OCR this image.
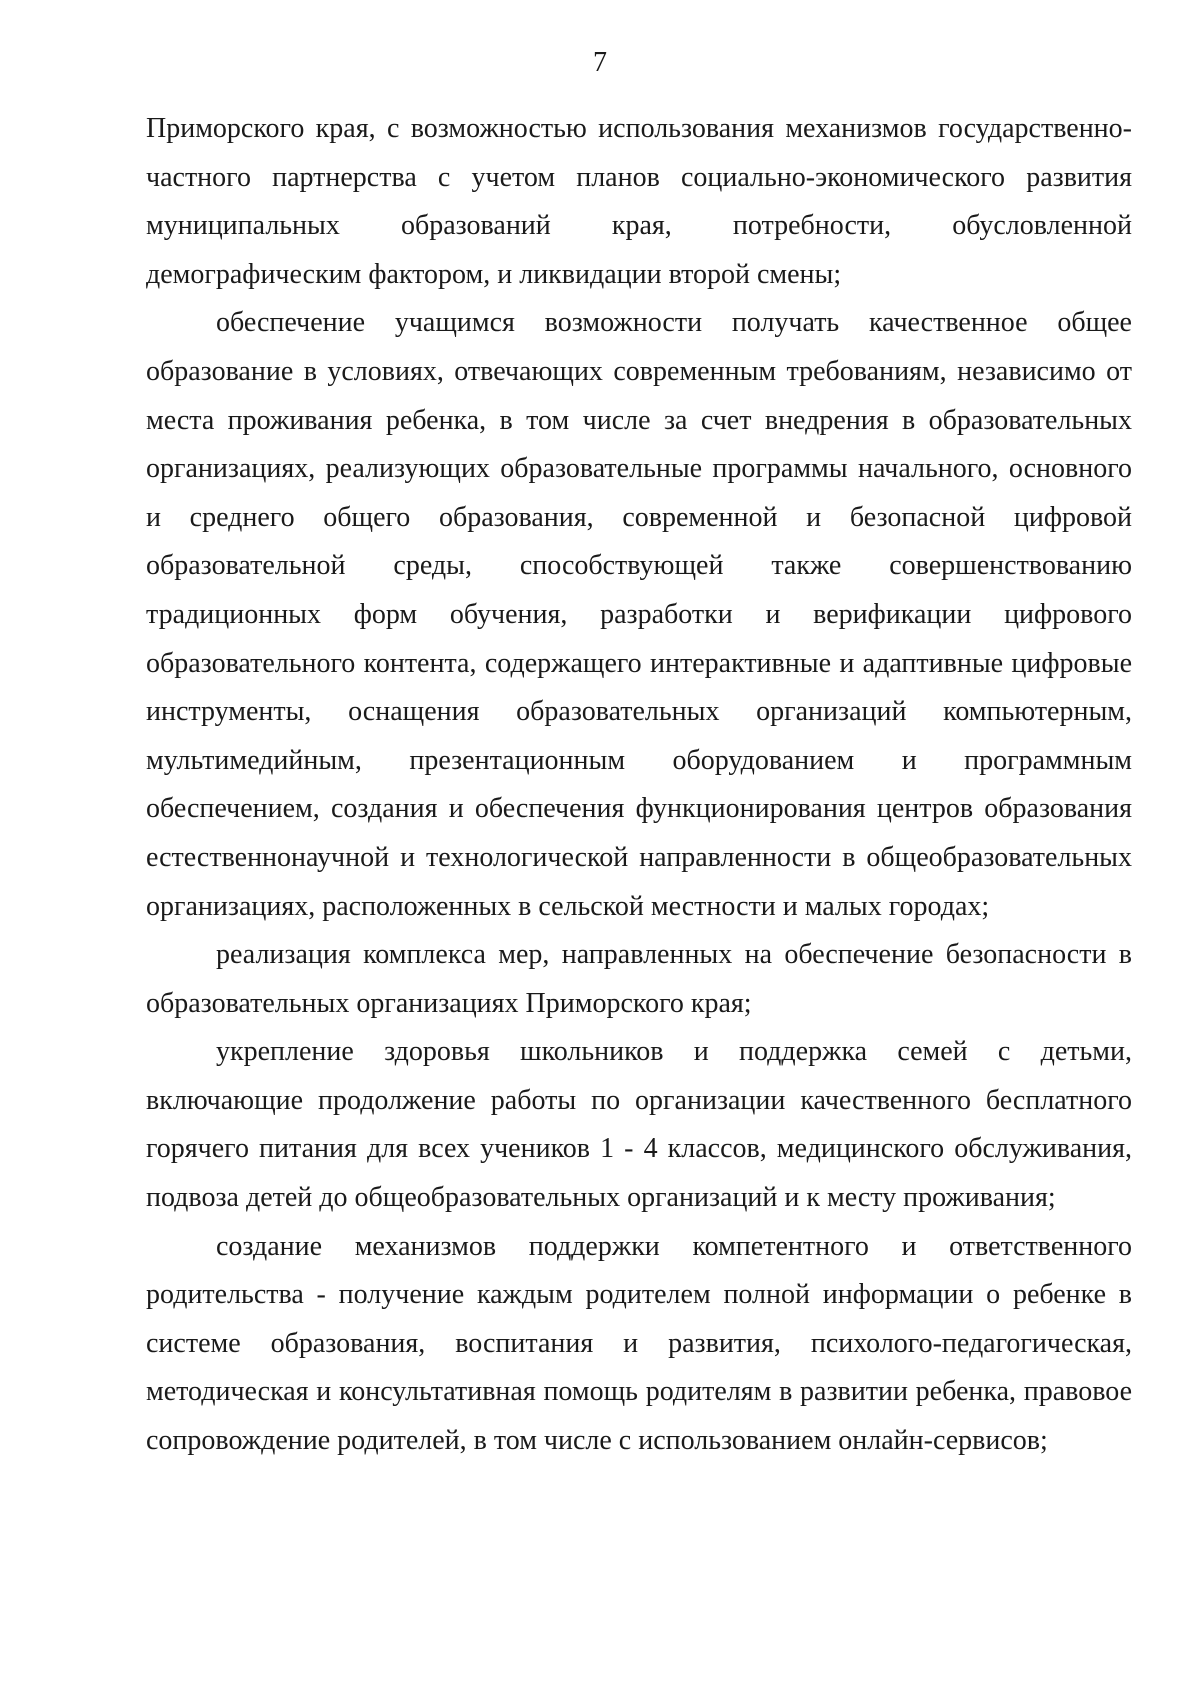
7

Приморского края, с возможностью использования механизмов государственно-частного партнерства с учетом планов социально-экономического развития муниципальных образований края, потребности, обусловленной демографическим фактором, и ликвидации второй смены;

обеспечение учащимся возможности получать качественное общее образование в условиях, отвечающих современным требованиям, независимо от места проживания ребенка, в том числе за счет внедрения в образовательных организациях, реализующих образовательные программы начального, основного и среднего общего образования, современной и безопасной цифровой образовательной среды, способствующей также совершенствованию традиционных форм обучения, разработки и верификации цифрового образовательного контента, содержащего интерактивные и адаптивные цифровые инструменты, оснащения образовательных организаций компьютерным, мультимедийным, презентационным оборудованием и программным обеспечением, создания и обеспечения функционирования центров образования естественнонаучной и технологической направленности в общеобразовательных организациях, расположенных в сельской местности и малых городах;

реализация комплекса мер, направленных на обеспечение безопасности в образовательных организациях Приморского края;

укрепление здоровья школьников и поддержка семей с детьми, включающие продолжение работы по организации качественного бесплатного горячего питания для всех учеников 1 - 4 классов, медицинского обслуживания, подвоза детей до общеобразовательных организаций и к месту проживания;

создание механизмов поддержки компетентного и ответственного родительства - получение каждым родителем полной информации о ребенке в системе образования, воспитания и развития, психолого-педагогическая, методическая и консультативная помощь родителям в развитии ребенка, правовое сопровождение родителей, в том числе с использованием онлайн-сервисов;
